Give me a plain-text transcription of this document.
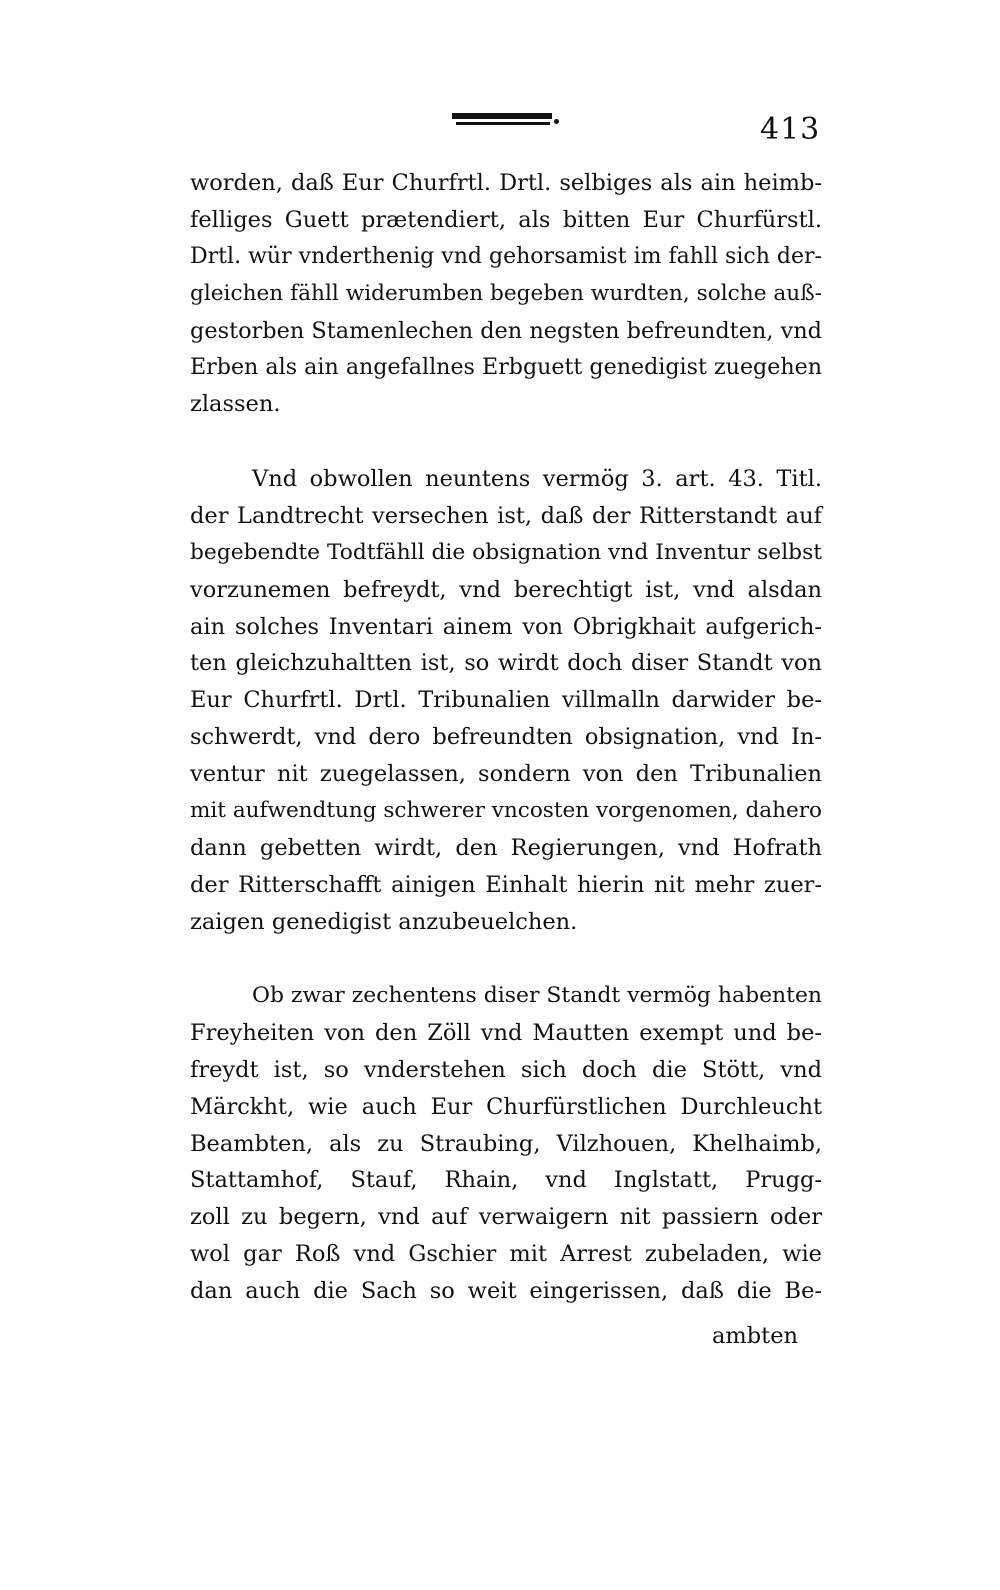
413
worden, daß Eur Churfrtl. Drtl. selbiges als ain heimb-
felliges Guett prætendiert, als bitten Eur Churfürstl.
Drtl. wür vnderthenig vnd gehorsamist im fahll sich der-
gleichen fähll widerumben begeben wurdten, solche auß-
gestorben Stamenlechen den negsten befreundten, vnd
Erben als ain angefallnes Erbguett genedigist zuegehen
zlassen.
Vnd obwollen neuntens vermög 3. art. 43. Titl.
der Landtrecht versechen ist, daß der Ritterstandt auf
begebendte Todtfähll die obsignation vnd Inventur selbst
vorzunemen befreydt, vnd berechtigt ist, vnd alsdan
ain solches Inventari ainem von Obrigkhait aufgerich-
ten gleichzuhaltten ist, so wirdt doch diser Standt von
Eur Churfrtl. Drtl. Tribunalien villmalln darwider be-
schwerdt, vnd dero befreundten obsignation, vnd In-
ventur nit zuegelassen, sondern von den Tribunalien
mit aufwendtung schwerer vncosten vorgenomen, dahero
dann gebetten wirdt, den Regierungen, vnd Hofrath
der Ritterschafft ainigen Einhalt hierin nit mehr zuer-
zaigen genedigist anzubeuelchen.
Ob zwar zechentens diser Standt vermög habenten
Freyheiten von den Zöll vnd Mautten exempt und be-
freydt ist, so vnderstehen sich doch die Stött, vnd
Märckht, wie auch Eur Churfürstlichen Durchleucht
Beambten, als zu Straubing, Vilzhouen, Khelhaimb,
Stattamhof, Stauf, Rhain, vnd Inglstatt, Prugg-
zoll zu begern, vnd auf verwaigern nit passiern oder
wol gar Roß vnd Gschier mit Arrest zubeladen, wie
dan auch die Sach so weit eingerissen, daß die Be-
ambten
